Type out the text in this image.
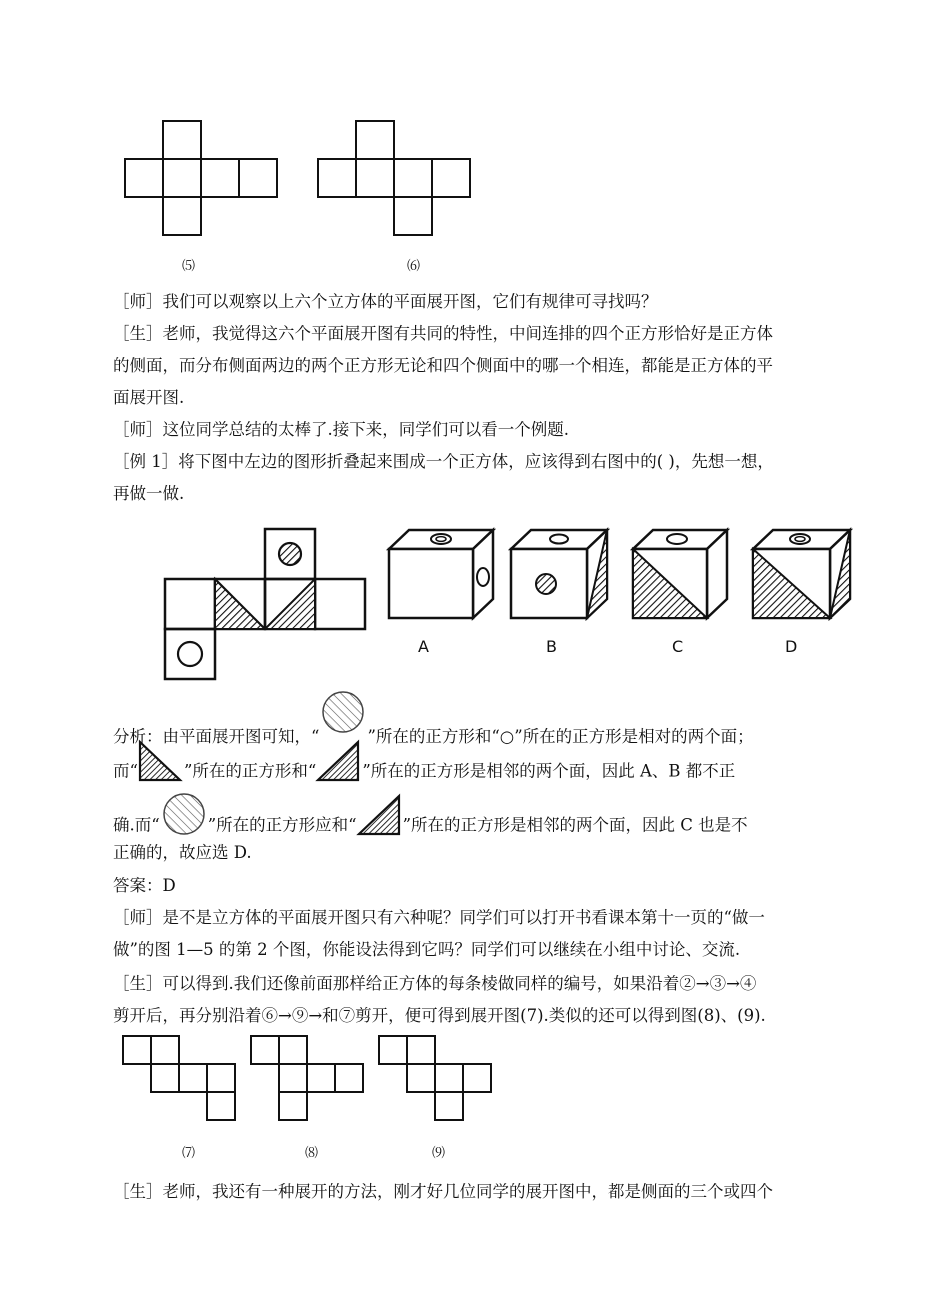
⑸	⑹
［师］我们可以观察以上六个立方体的平面展开图，它们有规律可寻找吗？
［生］老师，我觉得这六个平面展开图有共同的特性，中间连排的四个正方形恰好是正方体
的侧面，而分布侧面两边的两个正方形无论和四个侧面中的哪一个相连，都能是正方体的平
面展开图.
［师］这位同学总结的太棒了.接下来，同学们可以看一个例题.
［例 1］将下图中左边的图形折叠起来围成一个正方体，应该得到右图中的( )，先想一想，
再做一做.
A	B	C	D
分析：由平面展开图可知，“	”所在的正方形和“○”所在的正方形是相对的两个面；
而“	”所在的正方形和“	”所在的正方形是相邻的两个面，因此 A、B 都不正
确.而“	”所在的正方形应和“	”所在的正方形是相邻的两个面，因此 C 也是不
正确的，故应选 D.
答案：D
［师］是不是立方体的平面展开图只有六种呢？同学们可以打开书看课本第十一页的“做一
做”的图 1—5 的第 2 个图，你能设法得到它吗？同学们可以继续在小组中讨论、交流.
［生］可以得到.我们还像前面那样给正方体的每条棱做同样的编号，如果沿着②→③→④
剪开后，再分别沿着⑥→⑨→和⑦剪开，便可得到展开图(7).类似的还可以得到图(8)、(9).
⑺	⑻	⑼
［生］老师，我还有一种展开的方法，刚才好几位同学的展开图中，都是侧面的三个或四个
